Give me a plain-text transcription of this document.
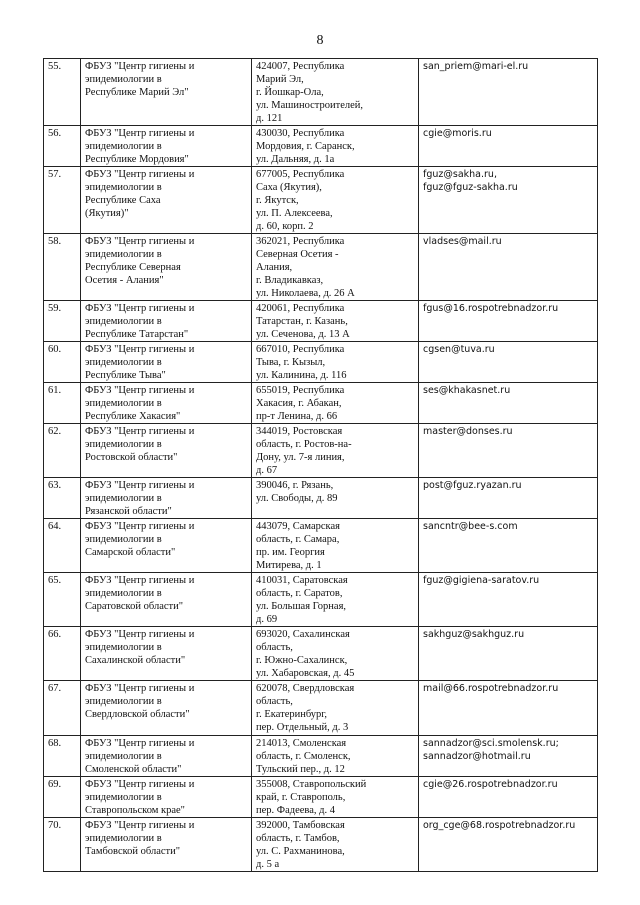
8
55.	ФБУЗ "Центр гигиены и
эпидемиологии в
Республике Марий Эл"	424007, Республика
Марий Эл,
г. Йошкар-Ола,
ул. Машиностроителей,
д. 121	san_priem@mari-el.ru

56.	ФБУЗ "Центр гигиены и
эпидемиологии в
Республике Мордовия"	430030, Республика
Мордовия, г. Саранск,
ул. Дальняя, д. 1а	cgie@moris.ru

57.	ФБУЗ "Центр гигиены и
эпидемиологии в
Республике Саха
(Якутия)"	677005, Республика
Саха (Якутия),
г. Якутск,
ул. П. Алексеева,
д. 60, корп. 2	fguz@sakha.ru,
fguz@fguz-sakha.ru

58.	ФБУЗ "Центр гигиены и
эпидемиологии в
Республике Северная
Осетия - Алания"	362021, Республика
Северная Осетия -
Алания,
г. Владикавказ,
ул. Николаева, д. 26 А	vladses@mail.ru

59.	ФБУЗ "Центр гигиены и
эпидемиологии в
Республике Татарстан"	420061, Республика
Татарстан, г. Казань,
ул. Сеченова, д. 13 А	fgus@16.rospotrebnadzor.ru

60.	ФБУЗ "Центр гигиены и
эпидемиологии в
Республике Тыва"	667010, Республика
Тыва, г. Кызыл,
ул. Калинина, д. 116	cgsen@tuva.ru

61.	ФБУЗ "Центр гигиены и
эпидемиологии в
Республике Хакасия"	655019, Республика
Хакасия, г. Абакан,
пр-т Ленина, д. 66	ses@khakasnet.ru

62.	ФБУЗ "Центр гигиены и
эпидемиологии в
Ростовской области"	344019, Ростовская
область, г. Ростов-на-
Дону, ул. 7-я линия,
д. 67	master@donses.ru

63.	ФБУЗ "Центр гигиены и
эпидемиологии в
Рязанской области"	390046, г. Рязань,
ул. Свободы, д. 89	post@fguz.ryazan.ru

64.	ФБУЗ "Центр гигиены и
эпидемиологии в
Самарской области"	443079, Самарская
область, г. Самара,
пр. им. Георгия
Митирева, д. 1	sancntr@bee-s.com

65.	ФБУЗ "Центр гигиены и
эпидемиологии в
Саратовской области"	410031, Саратовская
область, г. Саратов,
ул. Большая Горная,
д. 69	fguz@gigiena-saratov.ru

66.	ФБУЗ "Центр гигиены и
эпидемиологии в
Сахалинской области"	693020, Сахалинская
область,
г. Южно-Сахалинск,
ул. Хабаровская, д. 45	sakhguz@sakhguz.ru

67.	ФБУЗ "Центр гигиены и
эпидемиологии в
Свердловской области"	620078, Свердловская
область,
г. Екатеринбург,
пер. Отдельный, д. 3	mail@66.rospotrebnadzor.ru

68.	ФБУЗ "Центр гигиены и
эпидемиологии в
Смоленской области"	214013, Смоленская
область, г. Смоленск,
Тульский пер., д. 12	sannadzor@sci.smolensk.ru;
sannadzor@hotmail.ru

69.	ФБУЗ "Центр гигиены и
эпидемиологии в
Ставропольском крае"	355008, Ставропольский
край, г. Ставрополь,
пер. Фадеева, д. 4	cgie@26.rospotrebnadzor.ru

70.	ФБУЗ "Центр гигиены и
эпидемиологии в
Тамбовской области"	392000, Тамбовская
область, г. Тамбов,
ул. С. Рахманинова,
д. 5 а	org_cge@68.rospotrebnadzor.ru
